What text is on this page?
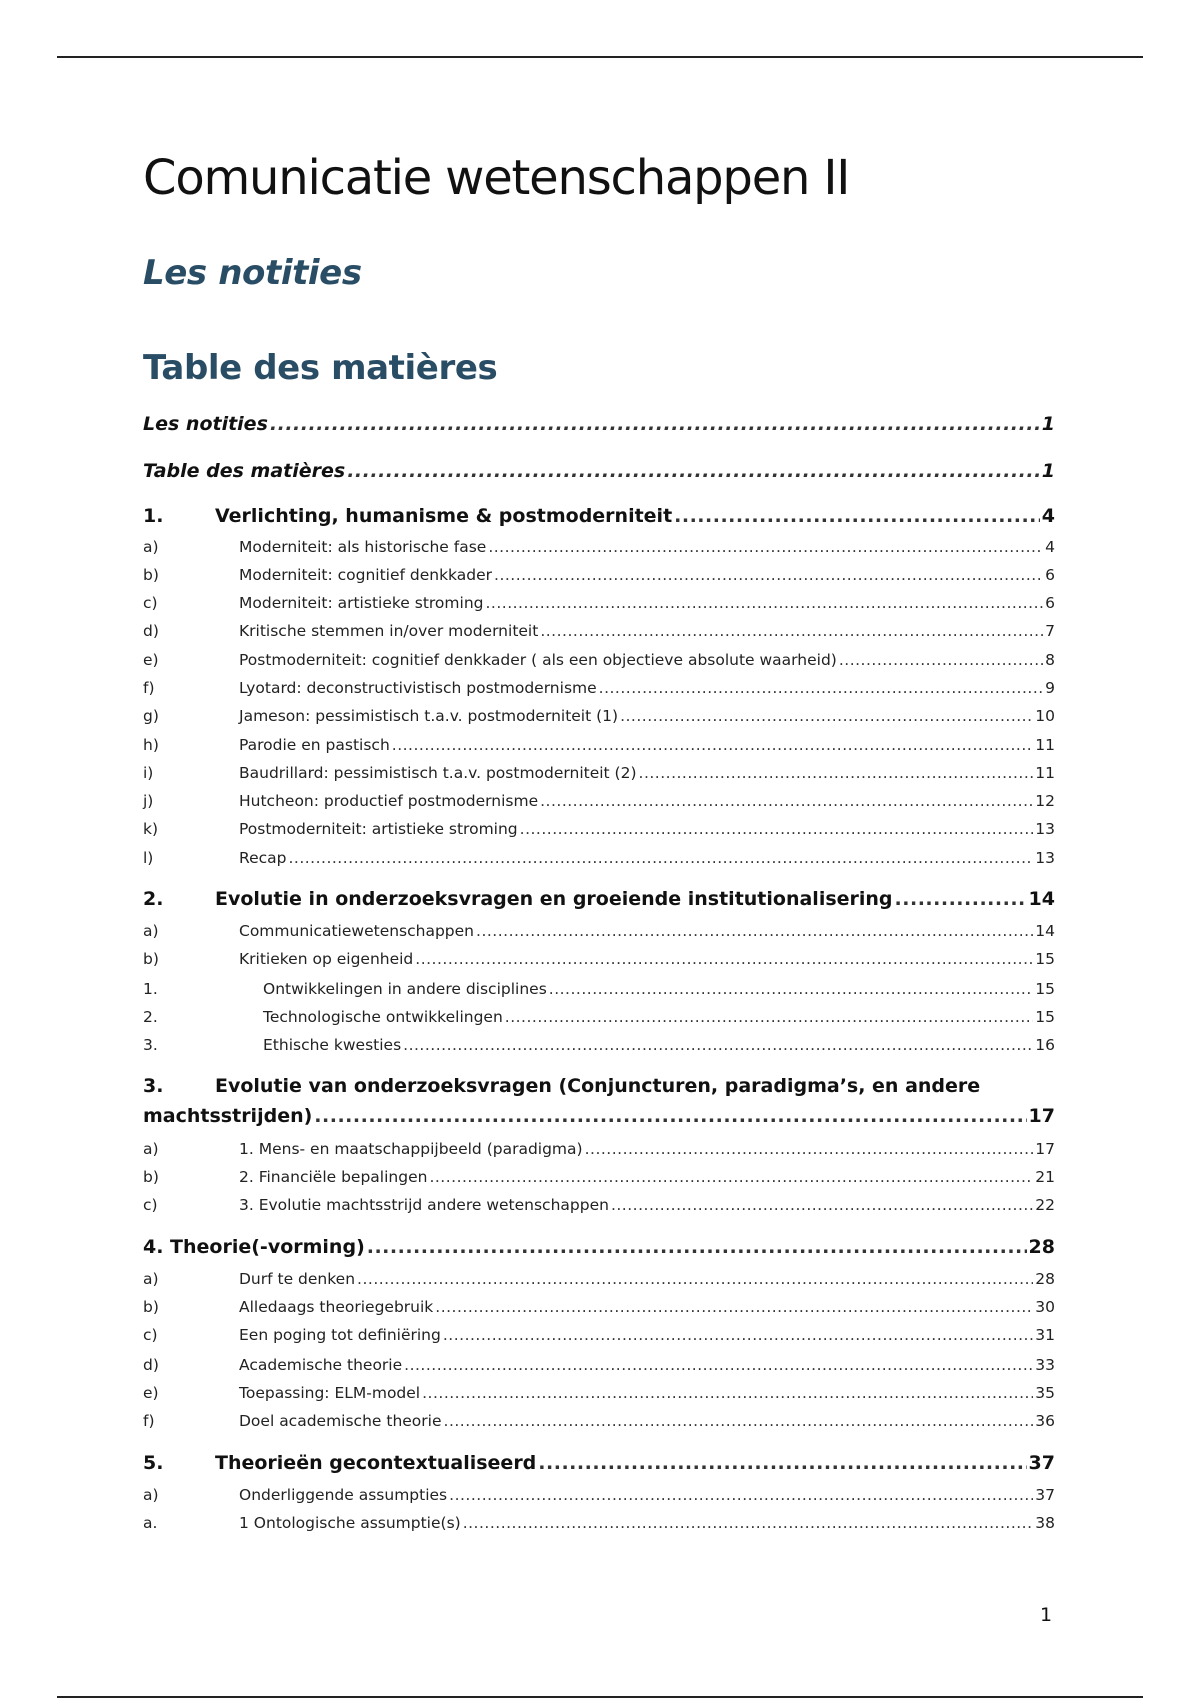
Comunicatie wetenschappen II
Les notities
Table des matières
Les notities .....	1
Table des matières .....	1
1.	Verlichting, humanisme & postmoderniteit .....	4
a)	Moderniteit: als historische fase .....	4
b)	Moderniteit: cognitief denkkader .....	6
c)	Moderniteit: artistieke stroming .....	6
d)	Kritische stemmen in/over moderniteit .....	7
e)	Postmoderniteit: cognitief denkkader ( als een objectieve absolute waarheid) .....	8
f)	Lyotard: deconstructivistisch postmodernisme .....	9
g)	Jameson: pessimistisch t.a.v. postmoderniteit (1) .....	10
h)	Parodie en pastisch .....	11
i)	Baudrillard: pessimistisch t.a.v. postmoderniteit (2) .....	11
j)	Hutcheon: productief postmodernisme .....	12
k)	Postmoderniteit: artistieke stroming .....	13
l)	Recap .....	13
2.	Evolutie in onderzoeksvragen en groeiende institutionalisering .....	14
a)	Communicatiewetenschappen .....	14
b)	Kritieken op eigenheid .....	15
1.	Ontwikkelingen in andere disciplines .....	15
2.	Technologische ontwikkelingen .....	15
3.	Ethische kwesties .....	16
3.	Evolutie van onderzoeksvragen (Conjuncturen, paradigma’s, en andere
machtsstrijden) .....	17
a)	1. Mens- en maatschappijbeeld (paradigma) .....	17
b)	2. Financiële bepalingen .....	21
c)	3. Evolutie machtsstrijd andere wetenschappen .....	22
4. Theorie(-vorming) .....	28
a)	Durf te denken .....	28
b)	Alledaags theoriegebruik .....	30
c)	Een poging tot definiëring .....	31
d)	Academische theorie .....	33
e)	Toepassing: ELM-model .....	35
f)	Doel academische theorie .....	36
5.	Theorieën gecontextualiseerd .....	37
a)	Onderliggende assumpties .....	37
a.	1 Ontologische assumptie(s) .....	38
1
